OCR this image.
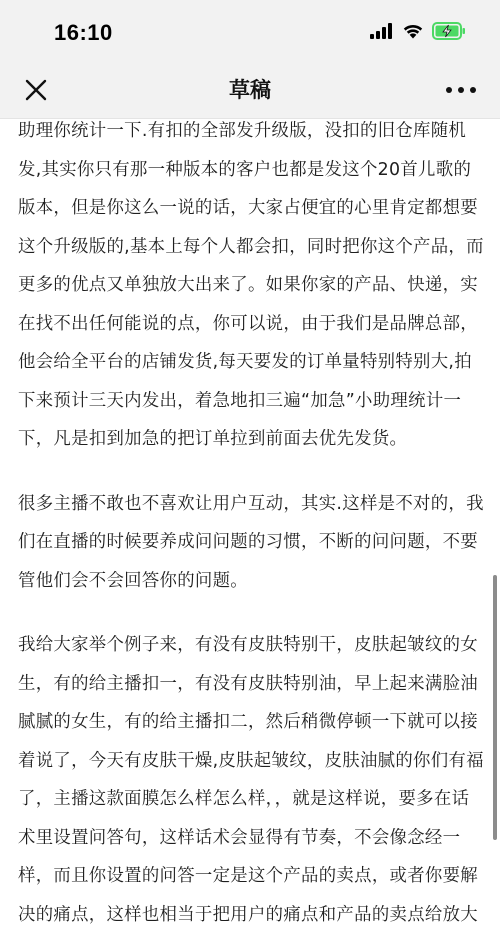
16:10
草稿

助理你统计一下.有扣的全部发升级版，没扣的旧仓库随机发,其实你只有那一种版本的客户也都是发这个20首儿歌的版本，但是你这么一说的话，大家占便宜的心里肯定都想要这个升级版的,基本上每个人都会扣，同时把你这个产品，而更多的优点又单独放大出来了。如果你家的产品、快递，实在找不出任何能说的点，你可以说，由于我们是品牌总部，他会给全平台的店铺发货,每天要发的订单量特别特别大,拍下来预计三天内发出，着急地扣三遍“加急”小助理统计一下，凡是扣到加急的把订单拉到前面去优先发货。

很多主播不敢也不喜欢让用户互动，其实.这样是不对的，我们在直播的时候要养成问问题的习惯，不断的问问题，不要管他们会不会回答你的问题。

我给大家举个例子来，有没有皮肤特别干，皮肤起皱纹的女生，有的给主播扣一，有没有皮肤特别油，早上起来满脸油腻腻的女生，有的给主播扣二，然后稍微停顿一下就可以接着说了，今天有皮肤干燥,皮肤起皱纹，皮肤油腻的你们有福了，主播这款面膜怎么样怎么样，，就是这样说，要多在话术里设置问答句，这样话术会显得有节奏，不会像念经一样，而且你设置的问答一定是这个产品的卖点，或者你要解决的痛点，这样也相当于把用户的痛点和产品的卖点给放大
